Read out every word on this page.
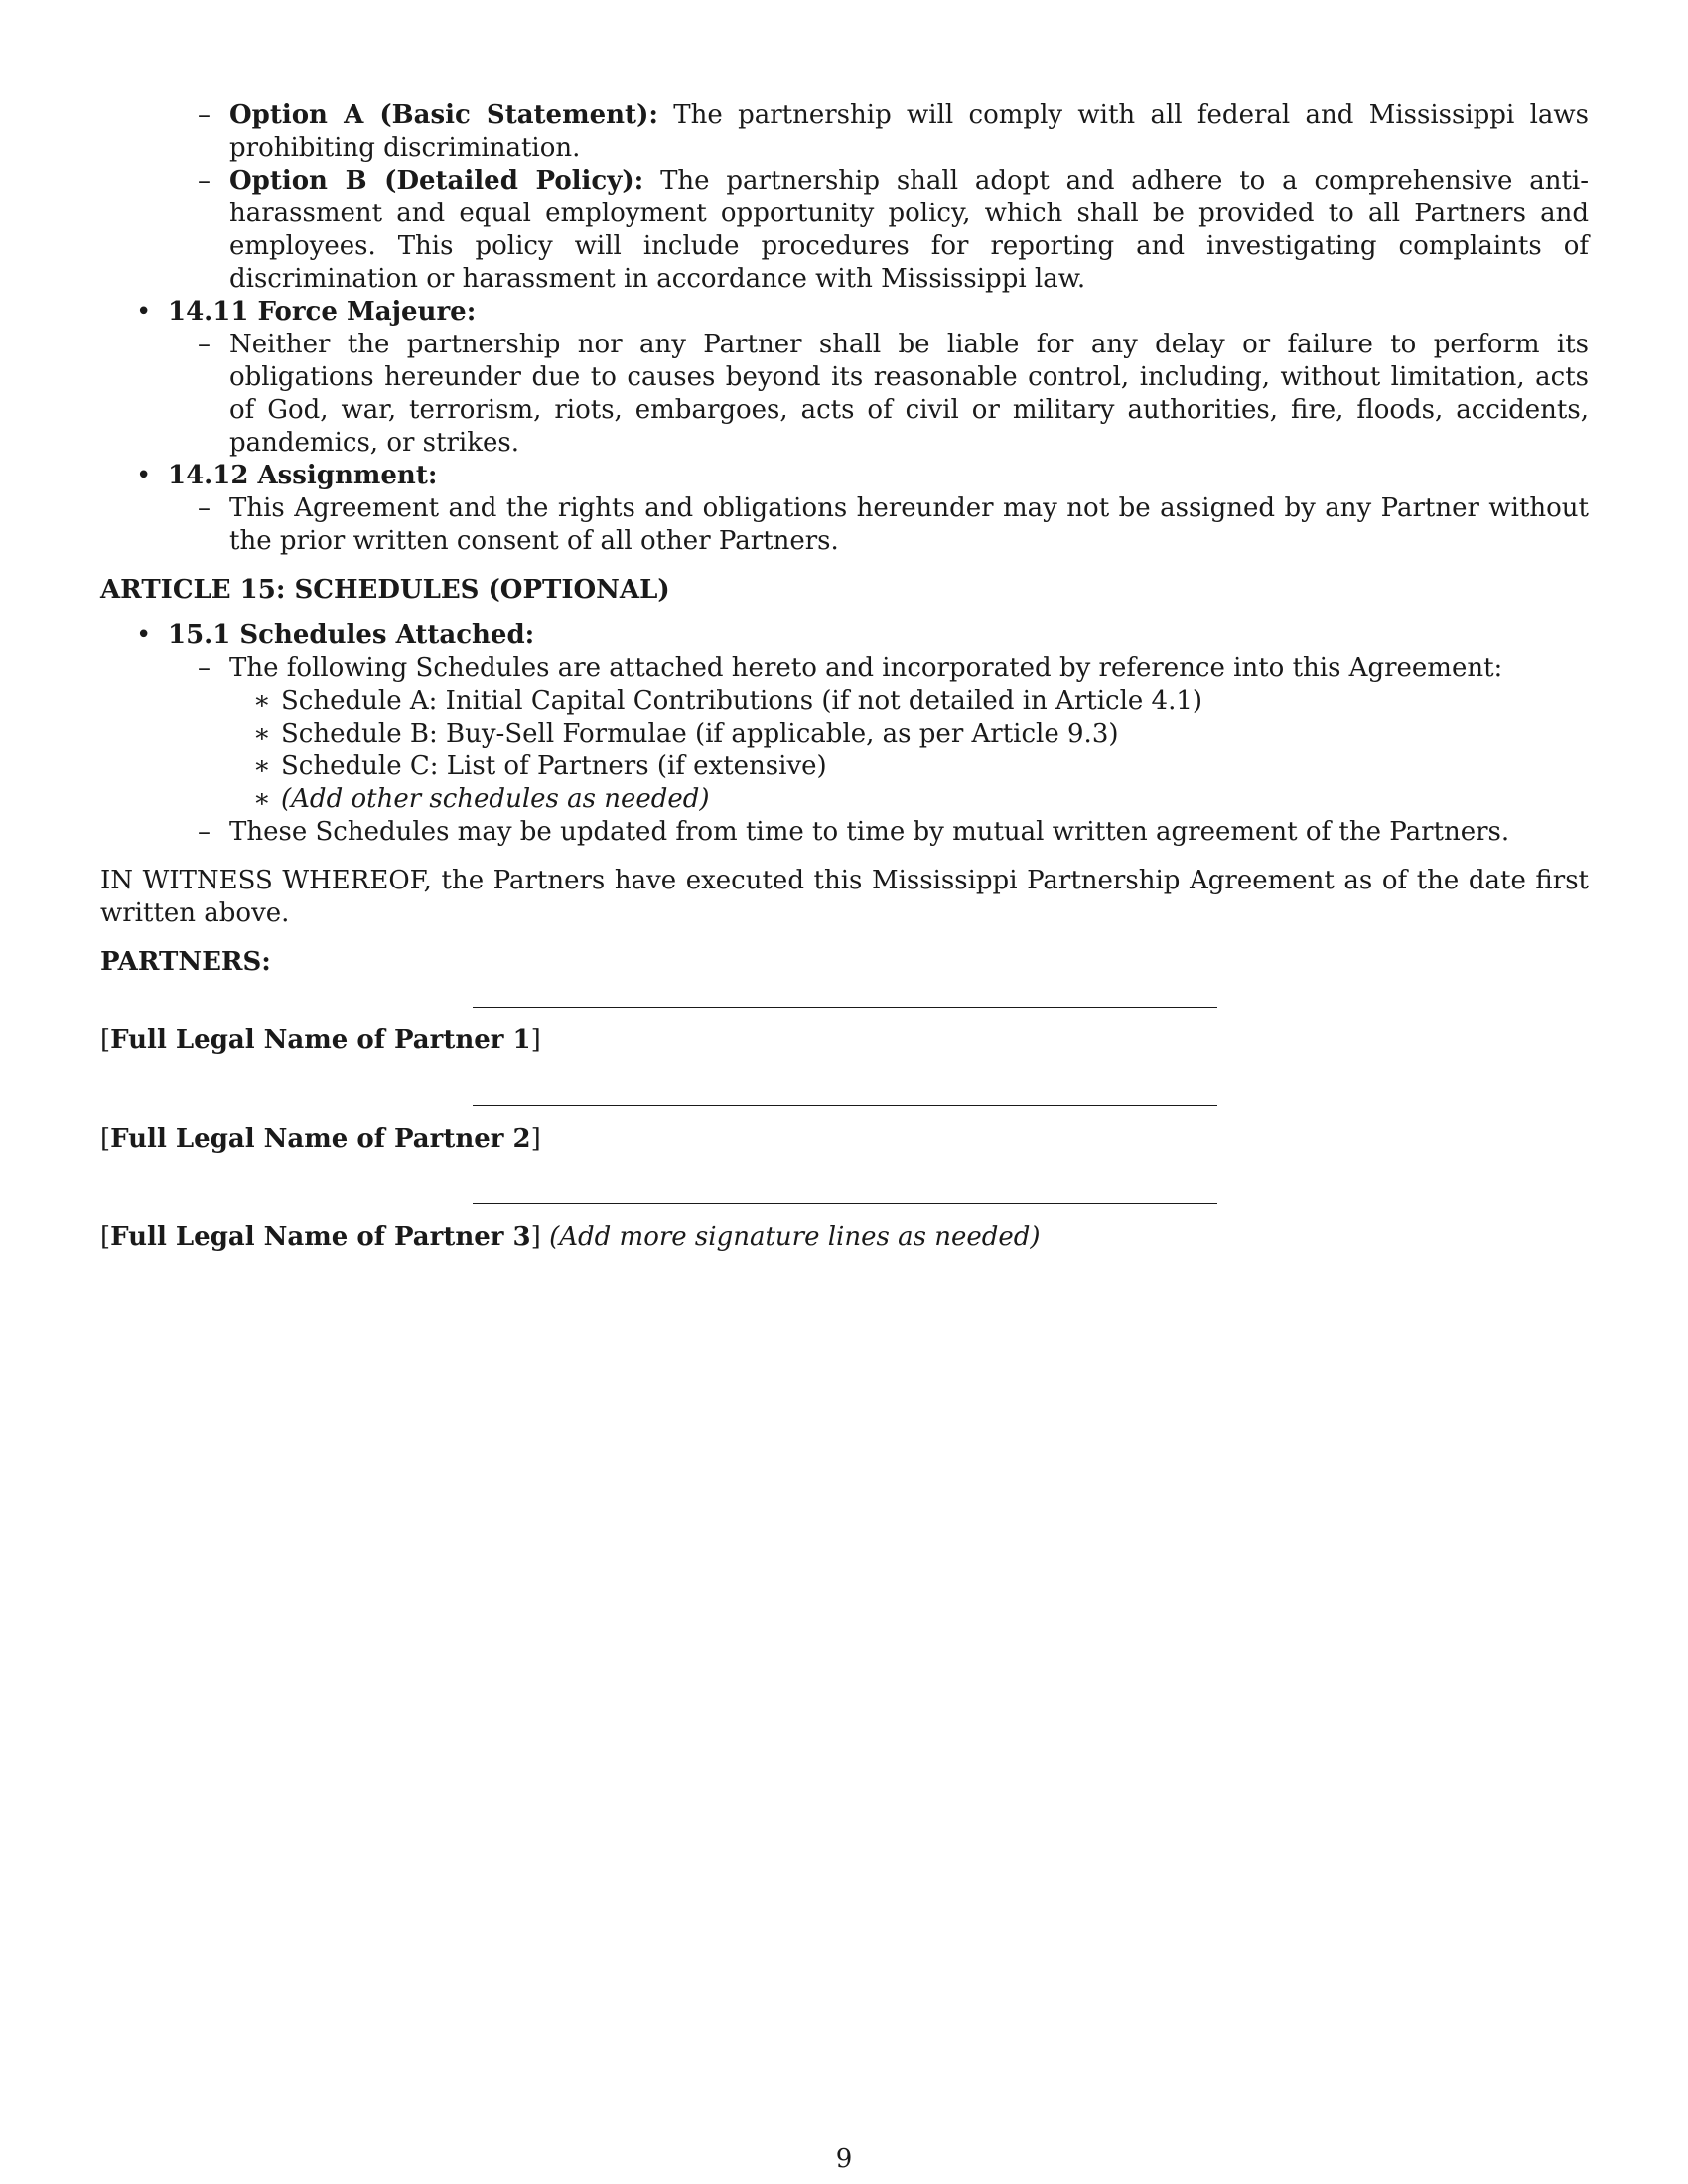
– Option A (Basic Statement): The partnership will comply with all federal and Mississippi laws prohibiting discrimination.
– Option B (Detailed Policy): The partnership shall adopt and adhere to a comprehensive anti-harassment and equal employment opportunity policy, which shall be provided to all Partners and employees. This policy will include procedures for reporting and investigating complaints of discrimination or harassment in accordance with Mississippi law.
• 14.11 Force Majeure:
– Neither the partnership nor any Partner shall be liable for any delay or failure to perform its obligations hereunder due to causes beyond its reasonable control, including, without limitation, acts of God, war, terrorism, riots, embargoes, acts of civil or military authorities, fire, floods, accidents, pandemics, or strikes.
• 14.12 Assignment:
– This Agreement and the rights and obligations hereunder may not be assigned by any Partner without the prior written consent of all other Partners.
ARTICLE 15: SCHEDULES (OPTIONAL)
• 15.1 Schedules Attached:
– The following Schedules are attached hereto and incorporated by reference into this Agreement:
∗ Schedule A: Initial Capital Contributions (if not detailed in Article 4.1)
∗ Schedule B: Buy-Sell Formulae (if applicable, as per Article 9.3)
∗ Schedule C: List of Partners (if extensive)
∗ (Add other schedules as needed)
– These Schedules may be updated from time to time by mutual written agreement of the Partners.
IN WITNESS WHEREOF, the Partners have executed this Mississippi Partnership Agreement as of the date first written above.
PARTNERS:
[Full Legal Name of Partner 1]
[Full Legal Name of Partner 2]
[Full Legal Name of Partner 3] (Add more signature lines as needed)
9
